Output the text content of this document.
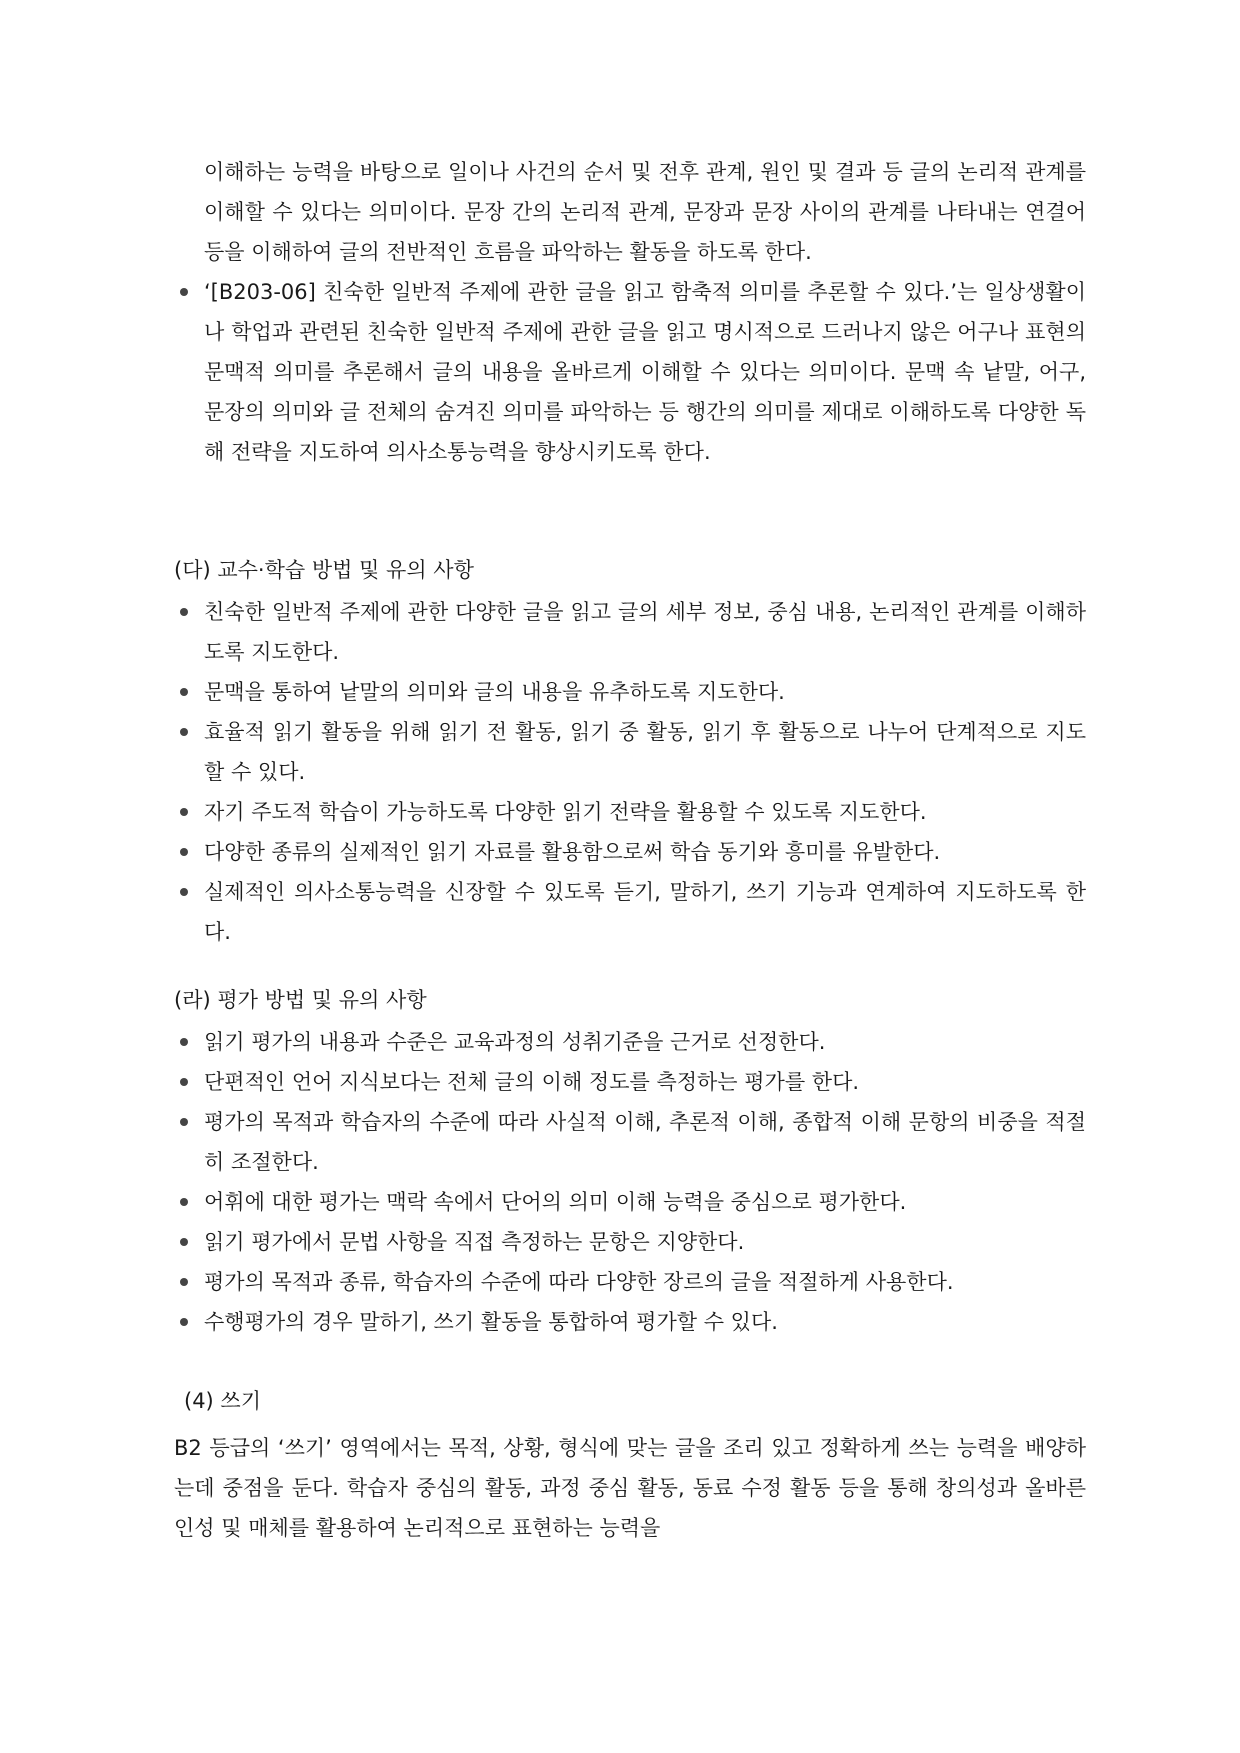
이해하는 능력을 바탕으로 일이나 사건의 순서 및 전후 관계, 원인 및 결과 등 글의 논리적 관계를 이해할 수 있다는 의미이다. 문장 간의 논리적 관계, 문장과 문장 사이의 관계를 나타내는 연결어 등을 이해하여 글의 전반적인 흐름을 파악하는 활동을 하도록 한다.

‘[B203-06] 친숙한 일반적 주제에 관한 글을 읽고 함축적 의미를 추론할 수 있다.’는 일상생활이나 학업과 관련된 친숙한 일반적 주제에 관한 글을 읽고 명시적으로 드러나지 않은 어구나 표현의 문맥적 의미를 추론해서 글의 내용을 올바르게 이해할 수 있다는 의미이다. 문맥 속 낱말, 어구, 문장의 의미와 글 전체의 숨겨진 의미를 파악하는 등 행간의 의미를 제대로 이해하도록 다양한 독해 전략을 지도하여 의사소통능력을 향상시키도록 한다.

(다) 교수·학습 방법 및 유의 사항

친숙한 일반적 주제에 관한 다양한 글을 읽고 글의 세부 정보, 중심 내용, 논리적인 관계를 이해하도록 지도한다.
문맥을 통하여 낱말의 의미와 글의 내용을 유추하도록 지도한다.
효율적 읽기 활동을 위해 읽기 전 활동, 읽기 중 활동, 읽기 후 활동으로 나누어 단계적으로 지도할 수 있다.
자기 주도적 학습이 가능하도록 다양한 읽기 전략을 활용할 수 있도록 지도한다.
다양한 종류의 실제적인 읽기 자료를 활용함으로써 학습 동기와 흥미를 유발한다.
실제적인 의사소통능력을 신장할 수 있도록 듣기, 말하기, 쓰기 기능과 연계하여 지도하도록 한다.

(라) 평가 방법 및 유의 사항

읽기 평가의 내용과 수준은 교육과정의 성취기준을 근거로 선정한다.
단편적인 언어 지식보다는 전체 글의 이해 정도를 측정하는 평가를 한다.
평가의 목적과 학습자의 수준에 따라 사실적 이해, 추론적 이해, 종합적 이해 문항의 비중을 적절히 조절한다.
어휘에 대한 평가는 맥락 속에서 단어의 의미 이해 능력을 중심으로 평가한다.
읽기 평가에서 문법 사항을 직접 측정하는 문항은 지양한다.
평가의 목적과 종류, 학습자의 수준에 따라 다양한 장르의 글을 적절하게 사용한다.
수행평가의 경우 말하기, 쓰기 활동을 통합하여 평가할 수 있다.

(4) 쓰기

B2 등급의 ‘쓰기’ 영역에서는 목적, 상황, 형식에 맞는 글을 조리 있고 정확하게 쓰는 능력을 배양하는데 중점을 둔다. 학습자 중심의 활동, 과정 중심 활동, 동료 수정 활동 등을 통해 창의성과 올바른 인성 및 매체를 활용하여 논리적으로 표현하는 능력을
